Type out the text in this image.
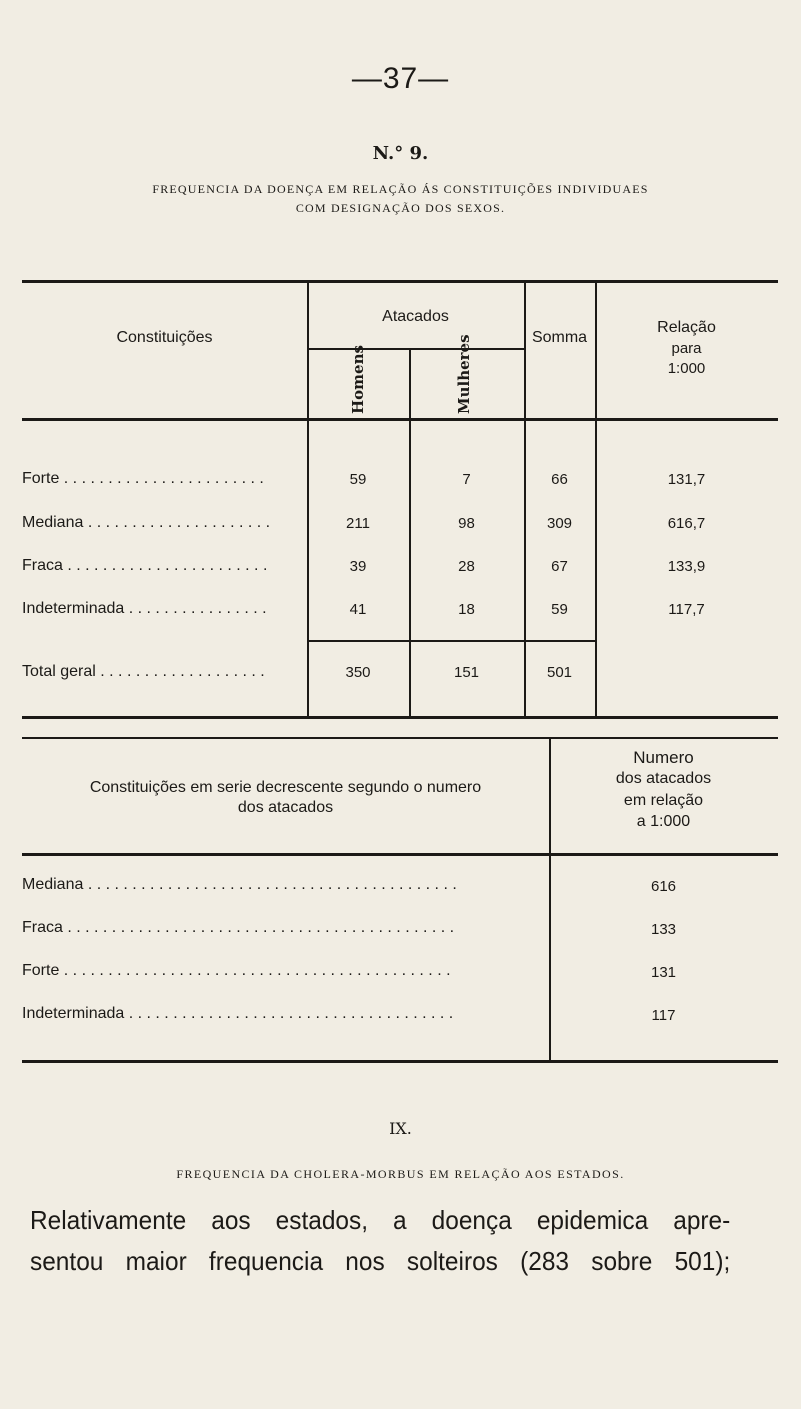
—37—
N.° 9.
FREQUENCIA DA DOENÇA EM RELAÇÃO ÁS CONSTITUIÇÕES INDIVIDUAES
COM DESIGNAÇÃO DOS SEXOS.
Constituições
Atacados
Homens	Mulheres	Somma
Relação
para
1:000
Forte . . . . . . . . . . . . . . . . . . . . . . .	59	7	66	131,7
Mediana . . . . . . . . . . . . . . . . . . . . .	211	98	309	616,7
Fraca . . . . . . . . . . . . . . . . . . . . . . .	39	28	67	133,9
Indeterminada . . . . . . . . . . . . . . . .	41	18	59	117,7
Total geral . . . . . . . . . . . . . . . . . . .	350	151	501
Constituições em serie decrescente segundo o numero
dos atacados
Numero
dos atacados
em relação
a 1:000
Mediana . . . . . . . . . . . . . . . . . . . . . . . . . . . . . . . . . . . . . . . . . .	616
Fraca . . . . . . . . . . . . . . . . . . . . . . . . . . . . . . . . . . . . . . . . . . . .	133
Forte . . . . . . . . . . . . . . . . . . . . . . . . . . . . . . . . . . . . . . . . . . . .	131
Indeterminada . . . . . . . . . . . . . . . . . . . . . . . . . . . . . . . . . . . . .	117
IX.
FREQUENCIA DA CHOLERA-MORBUS EM RELAÇÃO AOS ESTADOS.
Relativamente aos estados, a doença epidemica apre-
sentou maior frequencia nos solteiros (283 sobre 501);
